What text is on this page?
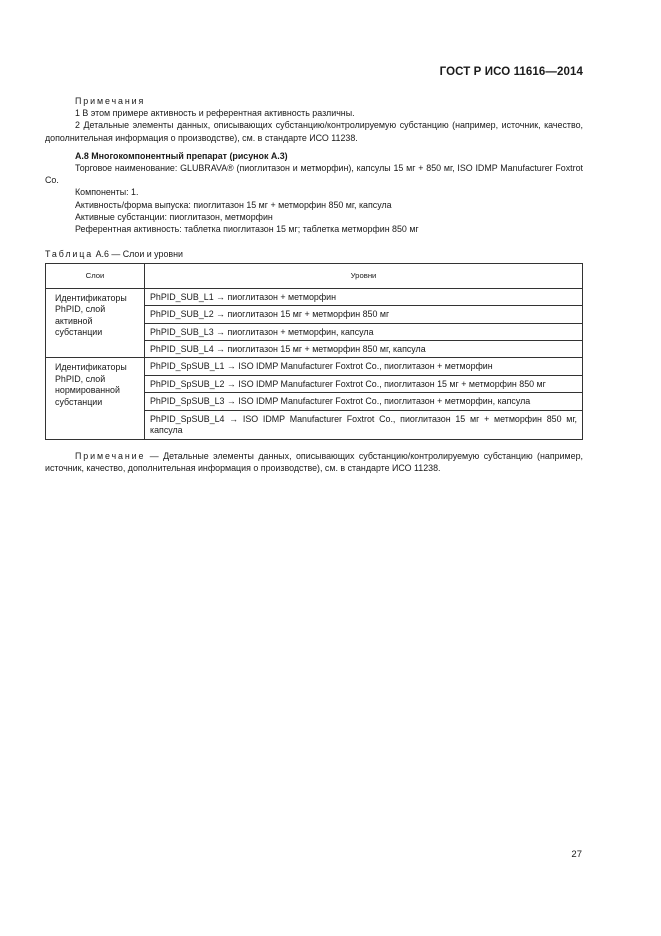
ГОСТ Р ИСО 11616—2014

Примечания

1 В этом примере активность и референтная активность различны.

2 Детальные элементы данных, описывающих субстанцию/контролируемую субстанцию (например, источник, качество, дополнительная информация о производстве), см. в стандарте ИСО 11238.

А.8 Многокомпонентный препарат (рисунок А.3)

Торговое наименование: GLUBRAVA® (пиоглитазон и метморфин), капсулы 15 мг + 850 мг, ISO IDMP Manufacturer Foxtrot Co.

Компоненты: 1.

Активность/форма выпуска: пиоглитазон 15 мг + метморфин 850 мг, капсула

Активные субстанции: пиоглитазон, метморфин

Референтная активность: таблетка пиоглитазон 15 мг; таблетка метморфин 850 мг

Таблица А.6 — Слои и уровни

Слои	Уровни
Идентификаторы PhPID, слой активной субстанции	PhPID_SUB_L1 → пиоглитазон + метморфин
	PhPID_SUB_L2 → пиоглитазон 15 мг + метморфин 850 мг
	PhPID_SUB_L3 → пиоглитазон + метморфин, капсула
	PhPID_SUB_L4 → пиоглитазон 15 мг + метморфин 850 мг, капсула
Идентификаторы PhPID, слой нормированной субстанции	PhPID_SpSUB_L1 → ISO IDMP Manufacturer Foxtrot Co., пиоглитазон + метморфин
	PhPID_SpSUB_L2 → ISO IDMP Manufacturer Foxtrot Co., пиоглитазон 15 мг + метморфин 850 мг
	PhPID_SpSUB_L3 → ISO IDMP Manufacturer Foxtrot Co., пиоглитазон + метморфин, капсула
	PhPID_SpSUB_L4 → ISO IDMP Manufacturer Foxtrot Co., пиоглитазон 15 мг + метморфин 850 мг, капсула

Примечание — Детальные элементы данных, описывающих субстанцию/контролируемую субстанцию (например, источник, качество, дополнительная информация о производстве), см. в стандарте ИСО 11238.

27
